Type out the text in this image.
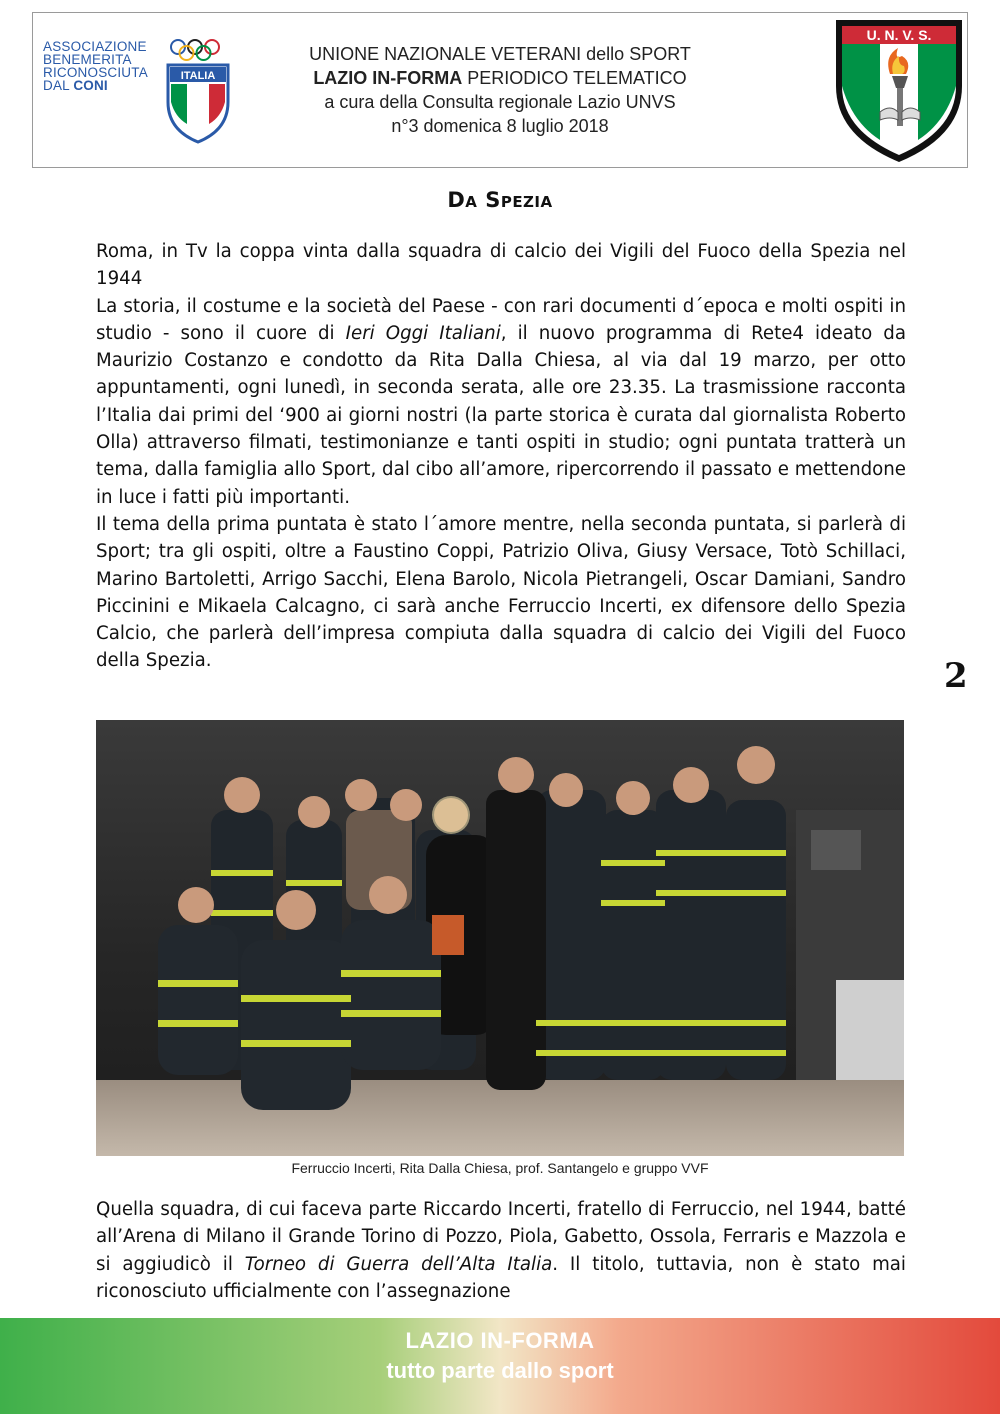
ASSOCIAZIONE
BENEMERITA
RICONOSCIUTA
DAL CONI
ITALIA
UNIONE NAZIONALE VETERANI dello SPORT
LAZIO IN-FORMA PERIODICO TELEMATICO
a cura della Consulta regionale Lazio UNVS
n°3 domenica 8 luglio 2018
U. N. V. S.
Da Spezia

Roma, in Tv la coppa vinta dalla squadra di calcio dei Vigili del Fuoco della Spezia nel 1944

La storia, il costume e la società del Paese - con rari documenti d´epoca e molti ospiti in studio - sono il cuore di Ieri Oggi Italiani, il nuovo programma di Rete4 ideato da Maurizio Costanzo e condotto da Rita Dalla Chiesa, al via dal 19 marzo, per otto appuntamenti, ogni lunedì, in seconda serata, alle ore 23.35. La trasmissione racconta l’Italia dai primi del ‘900 ai giorni nostri (la parte storica è curata dal giornalista Roberto Olla) attraverso filmati, testimonianze e tanti ospiti in studio; ogni puntata tratterà un tema, dalla famiglia allo Sport, dal cibo all’amore, ripercorrendo il passato e mettendone in luce i fatti più importanti.

Il tema della prima puntata è stato l´amore mentre, nella seconda puntata, si parlerà di Sport; tra gli ospiti, oltre a Faustino Coppi, Patrizio Oliva, Giusy Versace, Totò Schillaci, Marino Bartoletti, Arrigo Sacchi, Elena Barolo, Nicola Pietrangeli, Oscar Damiani, Sandro Piccinini e Mikaela Calcagno, ci sarà anche Ferruccio Incerti, ex difensore dello Spezia Calcio, che parlerà dell’impresa compiuta dalla squadra di calcio dei Vigili del Fuoco della Spezia.	2
Ferruccio Incerti, Rita Dalla Chiesa, prof. Santangelo e gruppo VVF

Quella squadra, di cui faceva parte Riccardo Incerti, fratello di Ferruccio, nel 1944, batté all’Arena di Milano il Grande Torino di Pozzo, Piola, Gabetto, Ossola, Ferraris e Mazzola e si aggiudicò il Torneo di Guerra dell’Alta Italia. Il titolo, tuttavia, non è stato mai riconosciuto ufficialmente con l’assegnazione

LAZIO IN-FORMA
tutto parte dallo sport
